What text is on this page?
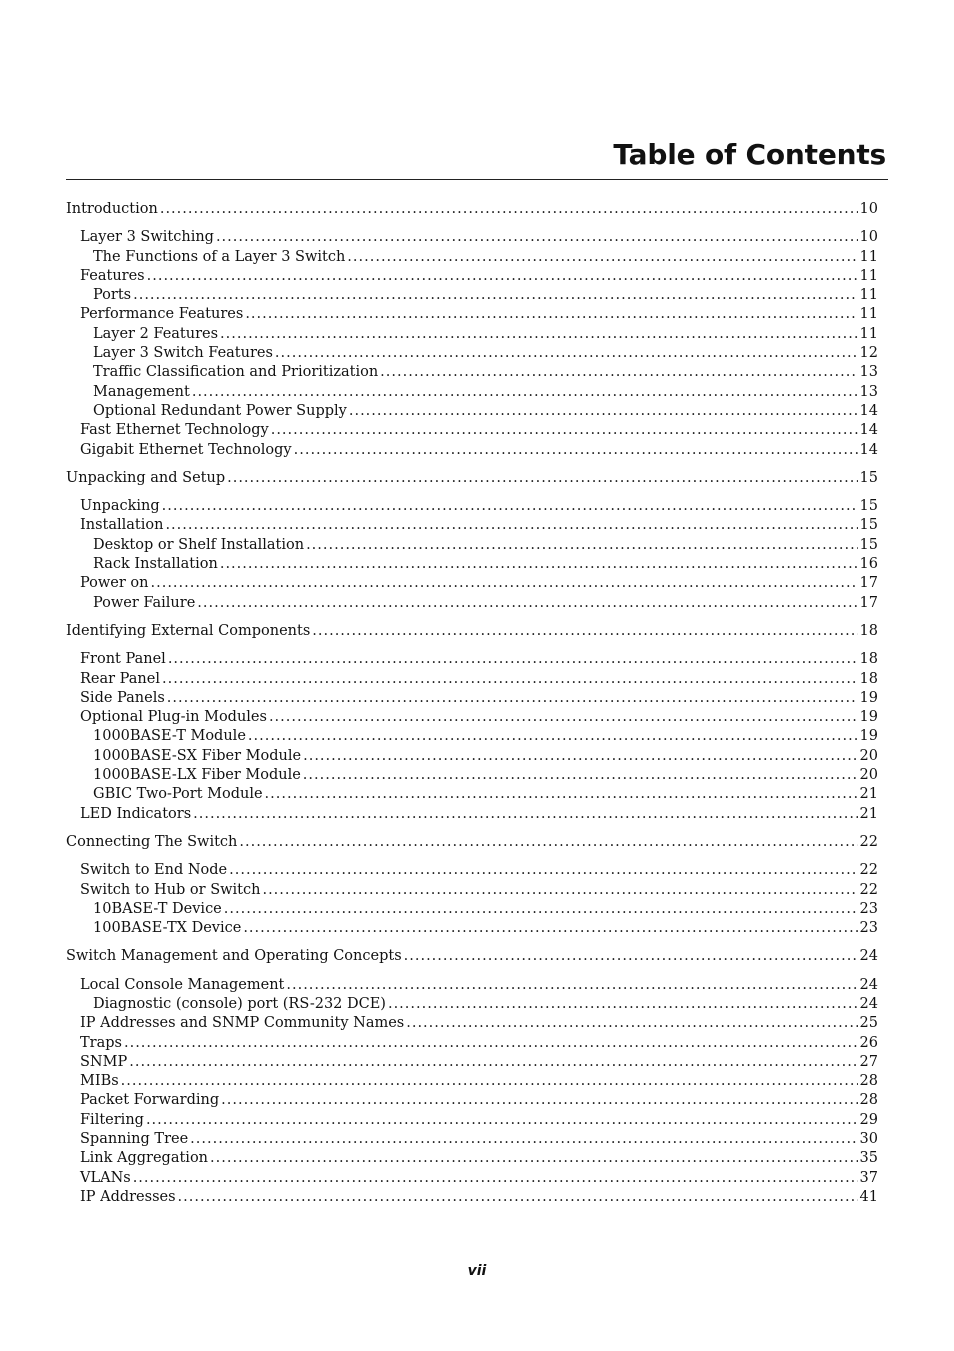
Table of Contents
Introduction .....	10
Layer 3 Switching .....	10
The Functions of a Layer 3 Switch .....	11
Features .....	11
Ports .....	11
Performance Features .....	11
Layer 2 Features .....	11
Layer 3 Switch Features .....	12
Traffic Classification and Prioritization .....	13
Management .....	13
Optional Redundant Power Supply .....	14
Fast Ethernet Technology .....	14
Gigabit Ethernet Technology .....	14
Unpacking and Setup .....	15
Unpacking .....	15
Installation .....	15
Desktop or Shelf Installation .....	15
Rack Installation .....	16
Power on .....	17
Power Failure .....	17
Identifying External Components .....	18
Front Panel .....	18
Rear Panel .....	18
Side Panels .....	19
Optional Plug-in Modules .....	19
1000BASE-T Module .....	19
1000BASE-SX Fiber Module .....	20
1000BASE-LX Fiber Module .....	20
GBIC Two-Port Module .....	21
LED Indicators .....	21
Connecting The Switch .....	22
Switch to End Node .....	22
Switch to Hub or Switch .....	22
10BASE-T Device .....	23
100BASE-TX Device .....	23
Switch Management and Operating Concepts .....	24
Local Console Management .....	24
Diagnostic (console) port (RS-232 DCE) .....	24
IP Addresses and SNMP Community Names .....	25
Traps .....	26
SNMP .....	27
MIBs .....	28
Packet Forwarding .....	28
Filtering .....	29
Spanning Tree .....	30
Link Aggregation .....	35
VLANs .....	37
IP Addresses .....	41
vii
